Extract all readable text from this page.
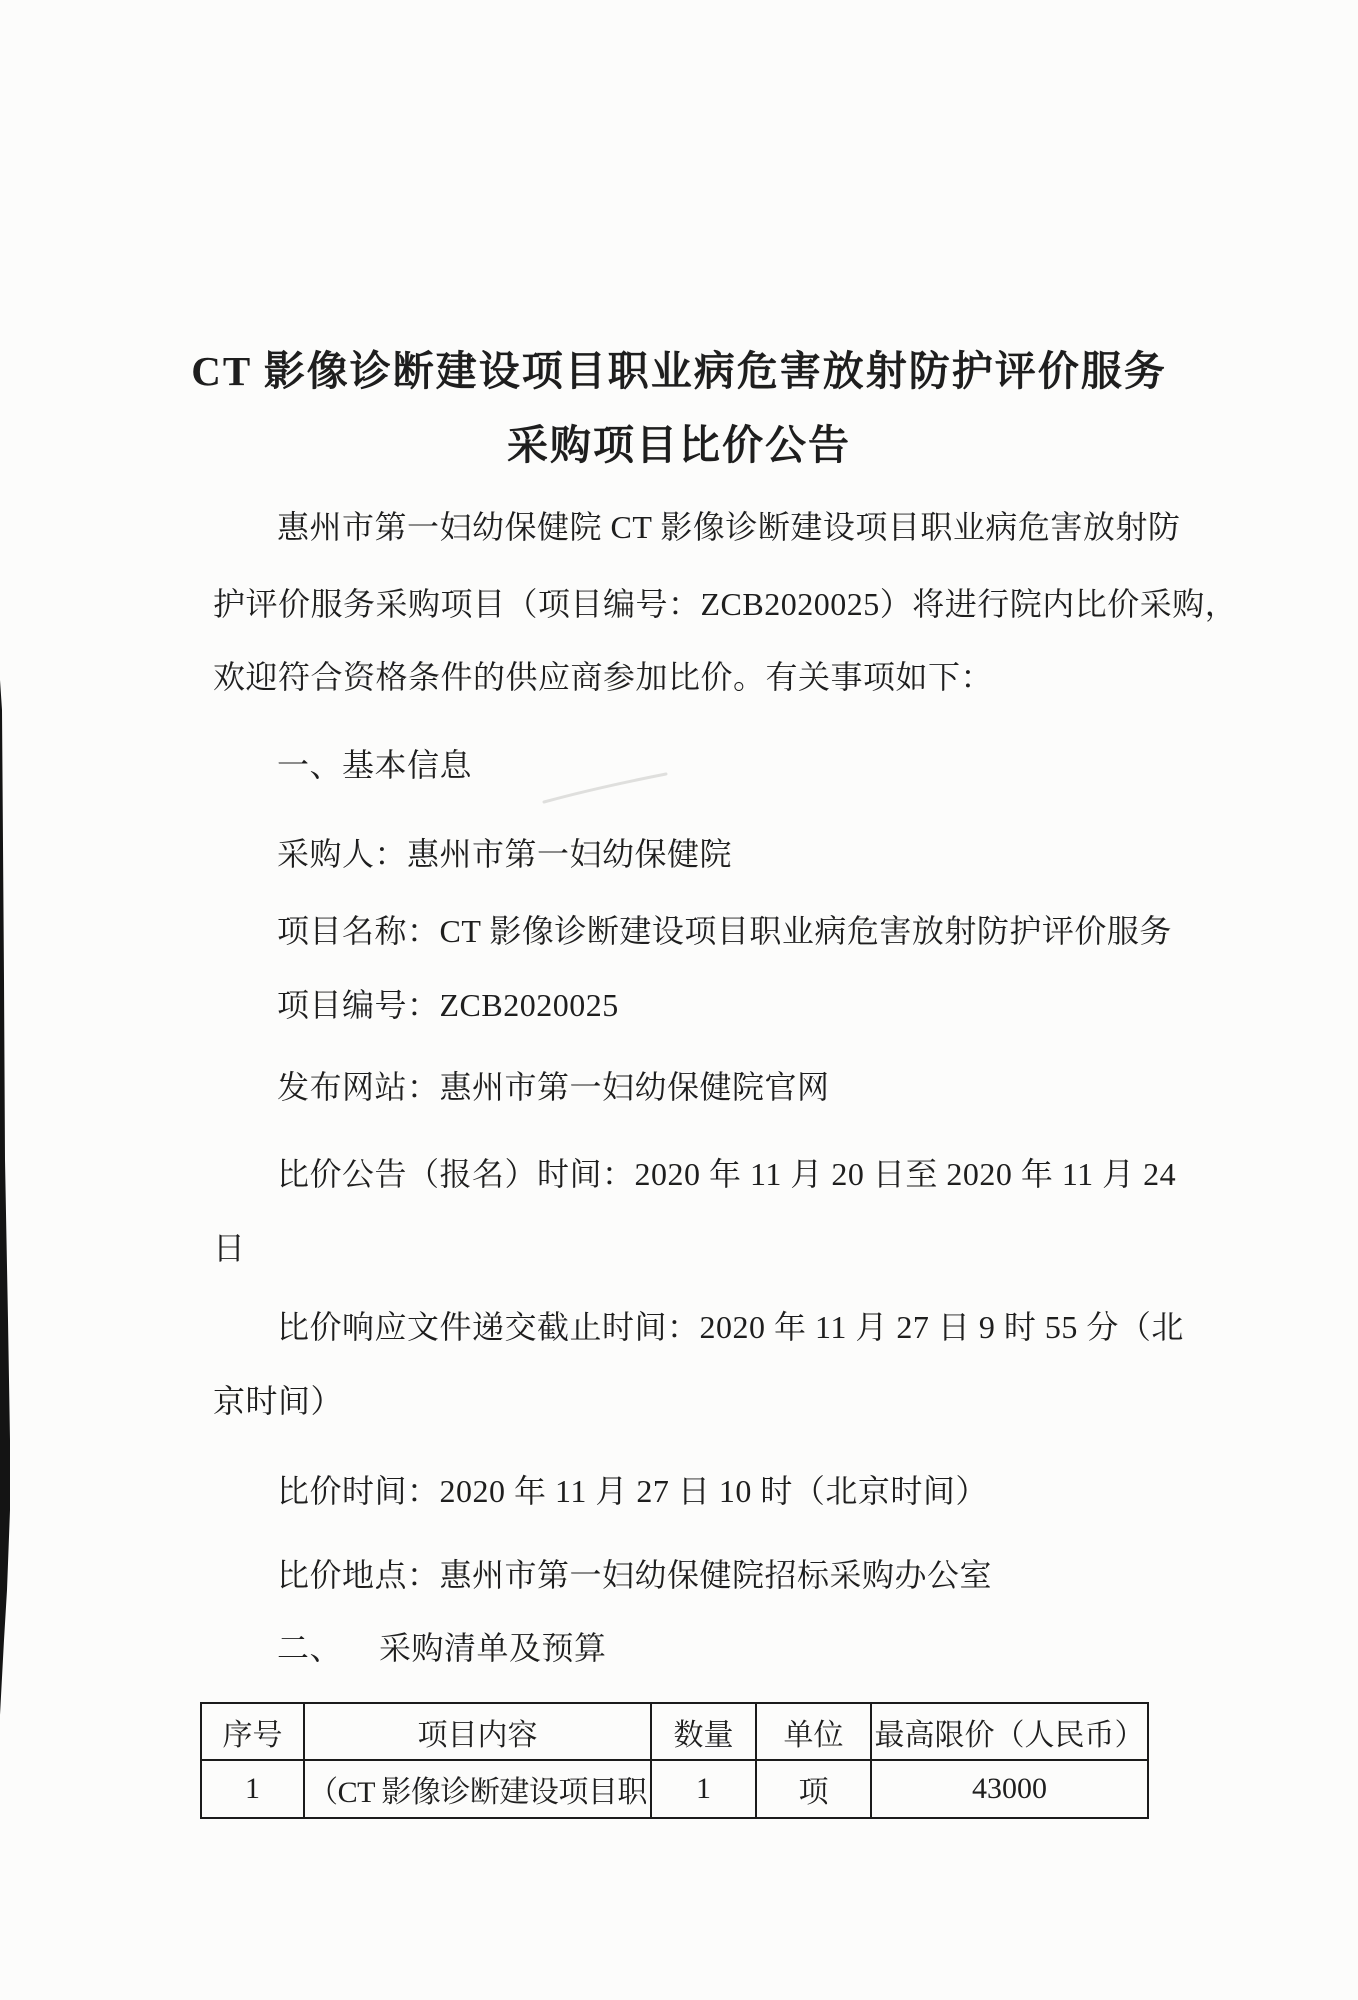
CT 影像诊断建设项目职业病危害放射防护评价服务
采购项目比价公告
惠州市第一妇幼保健院 CT 影像诊断建设项目职业病危害放射防
护评价服务采购项目（项目编号：ZCB2020025）将进行院内比价采购，
欢迎符合资格条件的供应商参加比价。有关事项如下：
一、基本信息
采购人：惠州市第一妇幼保健院
项目名称：CT 影像诊断建设项目职业病危害放射防护评价服务
项目编号：ZCB2020025
发布网站：惠州市第一妇幼保健院官网
比价公告（报名）时间：2020 年 11 月 20 日至 2020 年 11 月 24
日
比价响应文件递交截止时间：2020 年 11 月 27 日 9 时 55 分（北
京时间）
比价时间：2020 年 11 月 27 日 10 时（北京时间）
比价地点：惠州市第一妇幼保健院招标采购办公室
二、 采购清单及预算
序号	项目内容	数量	单位	最高限价（人民币）
1	（CT 影像诊断建设项目职	1	项	43000
